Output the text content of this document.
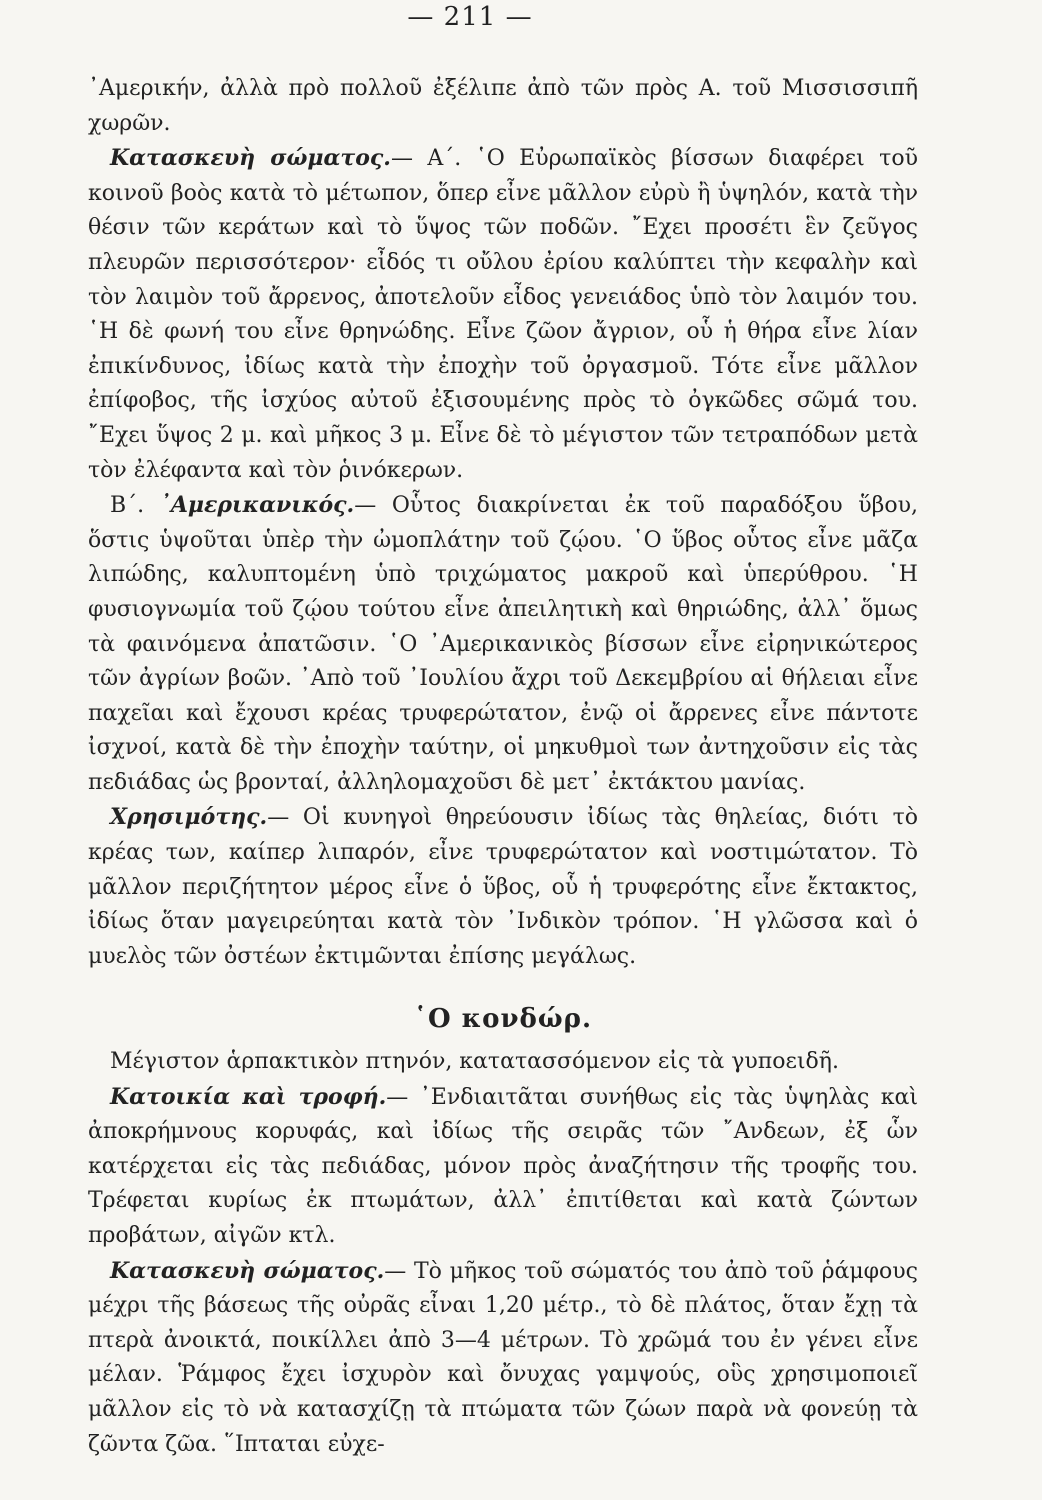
— 211 —

᾽Αμερικήν, ἀλλὰ πρὸ πολλοῦ ἐξέλιπε ἀπὸ τῶν πρὸς Α. τοῦ Μισσισσιπῆ χωρῶν.

Κατασκευὴ σώματος.— Α΄. ῾Ο Εὐρωπαϊκὸς βίσσων διαφέρει τοῦ κοινοῦ βοὸς κατὰ τὸ μέτωπον, ὅπερ εἶνε μᾶλλον εὐρὺ ἢ ὑψηλόν, κατὰ τὴν θέσιν τῶν κεράτων καὶ τὸ ὕψος τῶν ποδῶν. ῎Εχει προσέτι ἓν ζεῦγος πλευρῶν περισσότερον· εἶδός τι οὔλου ἐρίου καλύπτει τὴν κεφαλὴν καὶ τὸν λαιμὸν τοῦ ἄρρενος, ἀποτελοῦν εἶδος γενειάδος ὑπὸ τὸν λαιμόν του. ῾Η δὲ φωνή του εἶνε θρηνώδης. Εἶνε ζῶον ἄγριον, οὗ ἡ θήρα εἶνε λίαν ἐπικίνδυνος, ἰδίως κατὰ τὴν ἐποχὴν τοῦ ὀργασμοῦ. Τότε εἶνε μᾶλλον ἐπίφοβος, τῆς ἰσχύος αὐτοῦ ἐξισουμένης πρὸς τὸ ὀγκῶδες σῶμά του. ῎Εχει ὕψος 2 μ. καὶ μῆκος 3 μ. Εἶνε δὲ τὸ μέγιστον τῶν τετραπόδων μετὰ τὸν ἐλέφαντα καὶ τὸν ῥινόκερων.

Β΄. ᾽Αμερικανικός.— Οὗτος διακρίνεται ἐκ τοῦ παραδόξου ὕβου, ὅστις ὑψοῦται ὑπὲρ τὴν ὠμοπλάτην τοῦ ζῴου. ῾Ο ὕβος οὗτος εἶνε μᾶζα λιπώδης, καλυπτομένη ὑπὸ τριχώματος μακροῦ καὶ ὑπερύθρου. ῾Η φυσιογνωμία τοῦ ζῴου τούτου εἶνε ἀπειλητικὴ καὶ θηριώδης, ἀλλ᾽ ὅμως τὰ φαινόμενα ἀπατῶσιν. ῾Ο ᾽Αμερικανικὸς βίσσων εἶνε εἰρηνικώτερος τῶν ἀγρίων βοῶν. ᾽Απὸ τοῦ ᾽Ιουλίου ἄχρι τοῦ Δεκεμβρίου αἱ θήλειαι εἶνε παχεῖαι καὶ ἔχουσι κρέας τρυφερώτατον, ἐνῷ οἱ ἄρρενες εἶνε πάντοτε ἰσχνοί, κατὰ δὲ τὴν ἐποχὴν ταύτην, οἱ μηκυθμοὶ των ἀντηχοῦσιν εἰς τὰς πεδιάδας ὡς βρονταί, ἀλληλομαχοῦσι δὲ μετ᾽ ἐκτάκτου μανίας.

Χρησιμότης.— Οἱ κυνηγοὶ θηρεύουσιν ἰδίως τὰς θηλείας, διότι τὸ κρέας των, καίπερ λιπαρόν, εἶνε τρυφερώτατον καὶ νοστιμώτατον. Τὸ μᾶλλον περιζήτητον μέρος εἶνε ὁ ὕβος, οὗ ἡ τρυφερότης εἶνε ἔκτακτος, ἰδίως ὅταν μαγειρεύηται κατὰ τὸν ᾽Ινδικὸν τρόπον. ῾Η γλῶσσα καὶ ὁ μυελὸς τῶν ὀστέων ἐκτιμῶνται ἐπίσης μεγάλως.

῾Ο κονδώρ.

Μέγιστον ἁρπακτικὸν πτηνόν, κατατασσόμενον εἰς τὰ γυποειδῆ.

Κατοικία καὶ τροφή.— ᾽Ενδιαιτᾶται συνήθως εἰς τὰς ὑψηλὰς καὶ ἀποκρήμνους κορυφάς, καὶ ἰδίως τῆς σειρᾶς τῶν ῎Ανδεων, ἐξ ὧν κατέρχεται εἰς τὰς πεδιάδας, μόνον πρὸς ἀναζήτησιν τῆς τροφῆς του. Τρέφεται κυρίως ἐκ πτωμάτων, ἀλλ᾽ ἐπιτίθεται καὶ κατὰ ζώντων προβάτων, αἰγῶν κτλ.

Κατασκευὴ σώματος.— Τὸ μῆκος τοῦ σώματός του ἀπὸ τοῦ ῥάμφους μέχρι τῆς βάσεως τῆς οὐρᾶς εἶναι 1,20 μέτρ., τὸ δὲ πλάτος, ὅταν ἔχῃ τὰ πτερὰ ἀνοικτά, ποικίλλει ἀπὸ 3—4 μέτρων. Τὸ χρῶμά του ἐν γένει εἶνε μέλαν. Ῥάμφος ἔχει ἰσχυρὸν καὶ ὄνυχας γαμψούς, οὓς χρησιμοποιεῖ μᾶλλον εἰς τὸ νὰ κατασχίζῃ τὰ πτώματα τῶν ζώων παρὰ νὰ φονεύῃ τὰ ζῶντα ζῶα. ῞Ιπταται εὐχε-
